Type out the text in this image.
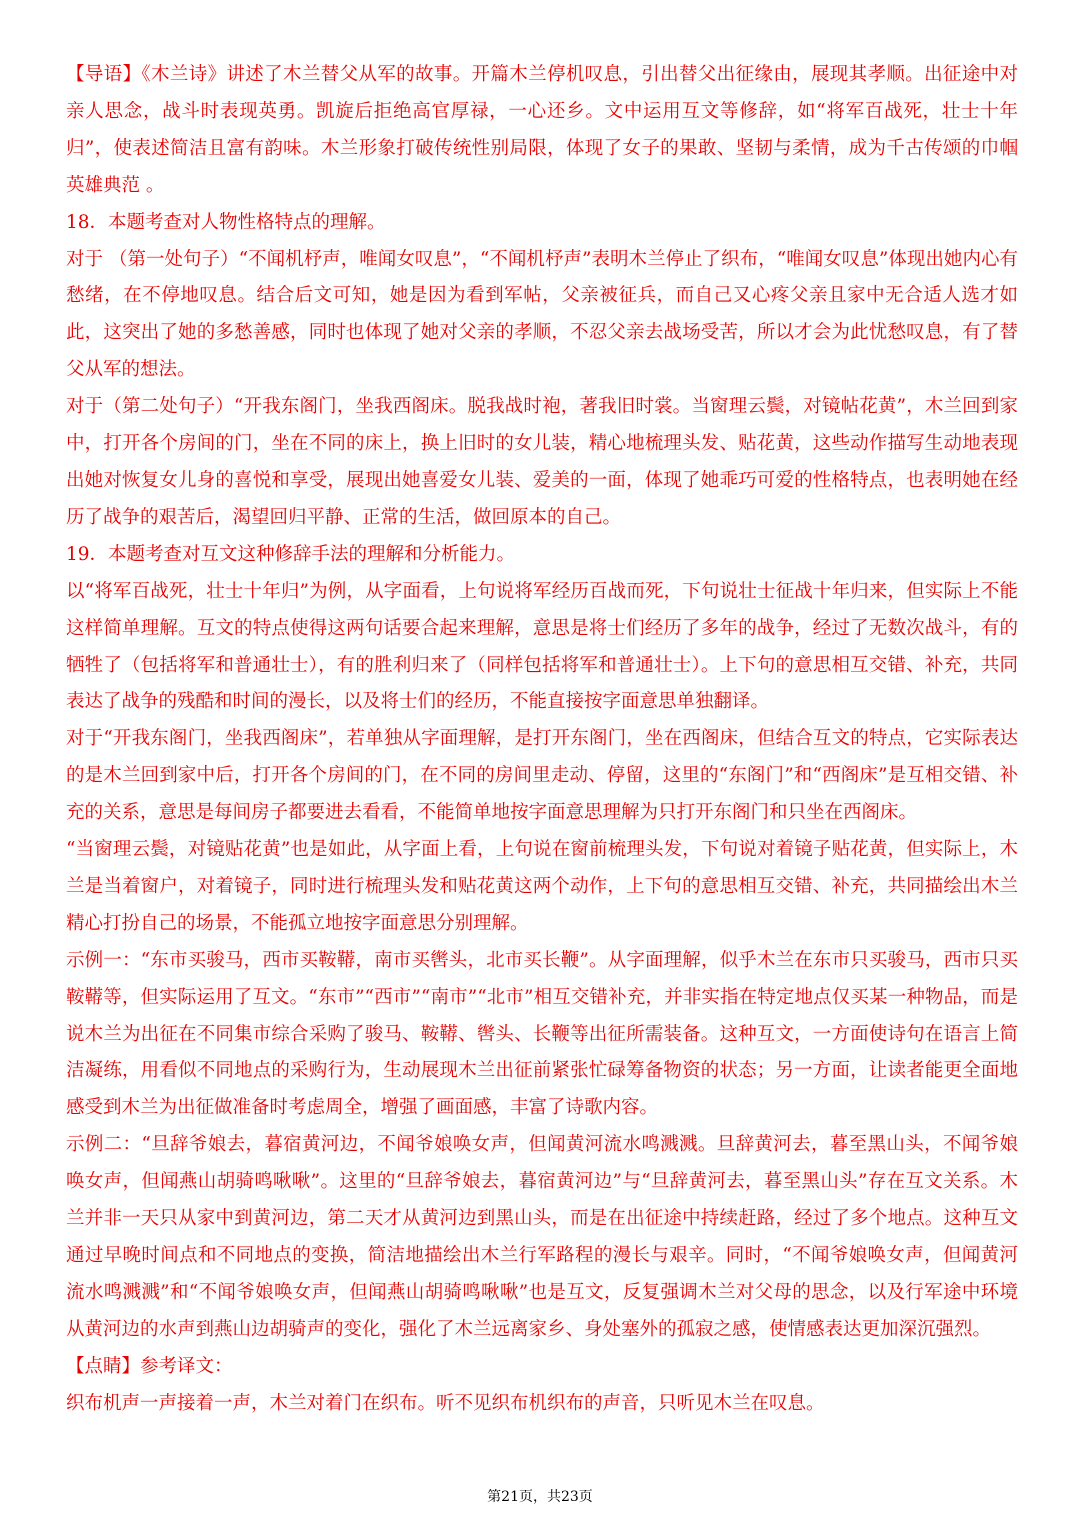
【导语】《木兰诗》讲述了木兰替父从军的故事。开篇木兰停机叹息，引出替父出征缘由，展现其孝顺。出征途中对亲人思念，战斗时表现英勇。凯旋后拒绝高官厚禄，一心还乡。文中运用互文等修辞，如“将军百战死，壮士十年归”，使表述简洁且富有韵味。木兰形象打破传统性别局限，体现了女子的果敢、坚韧与柔情，成为千古传颂的巾帼英雄典范 。

18．本题考查对人物性格特点的理解。

对于 （第一处句子）“不闻机杼声，唯闻女叹息”，“不闻机杼声”表明木兰停止了织布，“唯闻女叹息”体现出她内心有愁绪，在不停地叹息。结合后文可知，她是因为看到军帖，父亲被征兵，而自己又心疼父亲且家中无合适人选才如此，这突出了她的多愁善感，同时也体现了她对父亲的孝顺，不忍父亲去战场受苦，所以才会为此忧愁叹息，有了替父从军的想法。

对于（第二处句子）“开我东阁门，坐我西阁床。脱我战时袍，著我旧时裳。当窗理云鬓，对镜帖花黄”，木兰回到家中，打开各个房间的门，坐在不同的床上，换上旧时的女儿装，精心地梳理头发、贴花黄，这些动作描写生动地表现出她对恢复女儿身的喜悦和享受，展现出她喜爱女儿装、爱美的一面，体现了她乖巧可爱的性格特点，也表明她在经历了战争的艰苦后，渴望回归平静、正常的生活，做回原本的自己。

19．本题考查对互文这种修辞手法的理解和分析能力。

以“将军百战死，壮士十年归”为例，从字面看，上句说将军经历百战而死，下句说壮士征战十年归来，但实际上不能这样简单理解。互文的特点使得这两句话要合起来理解，意思是将士们经历了多年的战争，经过了无数次战斗，有的牺牲了（包括将军和普通壮士），有的胜利归来了（同样包括将军和普通壮士）。上下句的意思相互交错、补充，共同表达了战争的残酷和时间的漫长，以及将士们的经历，不能直接按字面意思单独翻译。

对于“开我东阁门，坐我西阁床”，若单独从字面理解，是打开东阁门，坐在西阁床，但结合互文的特点，它实际表达的是木兰回到家中后，打开各个房间的门，在不同的房间里走动、停留，这里的“东阁门”和“西阁床”是互相交错、补充的关系，意思是每间房子都要进去看看，不能简单地按字面意思理解为只打开东阁门和只坐在西阁床。

“当窗理云鬓，对镜贴花黄”也是如此，从字面上看，上句说在窗前梳理头发，下句说对着镜子贴花黄，但实际上，木兰是当着窗户，对着镜子，同时进行梳理头发和贴花黄这两个动作，上下句的意思相互交错、补充，共同描绘出木兰精心打扮自己的场景，不能孤立地按字面意思分别理解。

示例一：“东市买骏马，西市买鞍鞯，南市买辔头，北市买长鞭”。从字面理解，似乎木兰在东市只买骏马，西市只买鞍鞯等，但实际运用了互文。“东市”“西市”“南市”“北市”相互交错补充，并非实指在特定地点仅买某一种物品，而是说木兰为出征在不同集市综合采购了骏马、鞍鞯、辔头、长鞭等出征所需装备。这种互文，一方面使诗句在语言上简洁凝练，用看似不同地点的采购行为，生动展现木兰出征前紧张忙碌筹备物资的状态；另一方面，让读者能更全面地感受到木兰为出征做准备时考虑周全，增强了画面感，丰富了诗歌内容。

示例二：“旦辞爷娘去，暮宿黄河边，不闻爷娘唤女声，但闻黄河流水鸣溅溅。旦辞黄河去，暮至黑山头，不闻爷娘唤女声，但闻燕山胡骑鸣啾啾”。这里的“旦辞爷娘去，暮宿黄河边”与“旦辞黄河去，暮至黑山头”存在互文关系。木兰并非一天只从家中到黄河边，第二天才从黄河边到黑山头，而是在出征途中持续赶路，经过了多个地点。这种互文通过早晚时间点和不同地点的变换，简洁地描绘出木兰行军路程的漫长与艰辛。同时，“不闻爷娘唤女声，但闻黄河流水鸣溅溅”和“不闻爷娘唤女声，但闻燕山胡骑鸣啾啾”也是互文，反复强调木兰对父母的思念，以及行军途中环境从黄河边的水声到燕山边胡骑声的变化，强化了木兰远离家乡、身处塞外的孤寂之感，使情感表达更加深沉强烈。

【点睛】参考译文：

织布机声一声接着一声，木兰对着门在织布。听不见织布机织布的声音，只听见木兰在叹息。

第21页，共23页
